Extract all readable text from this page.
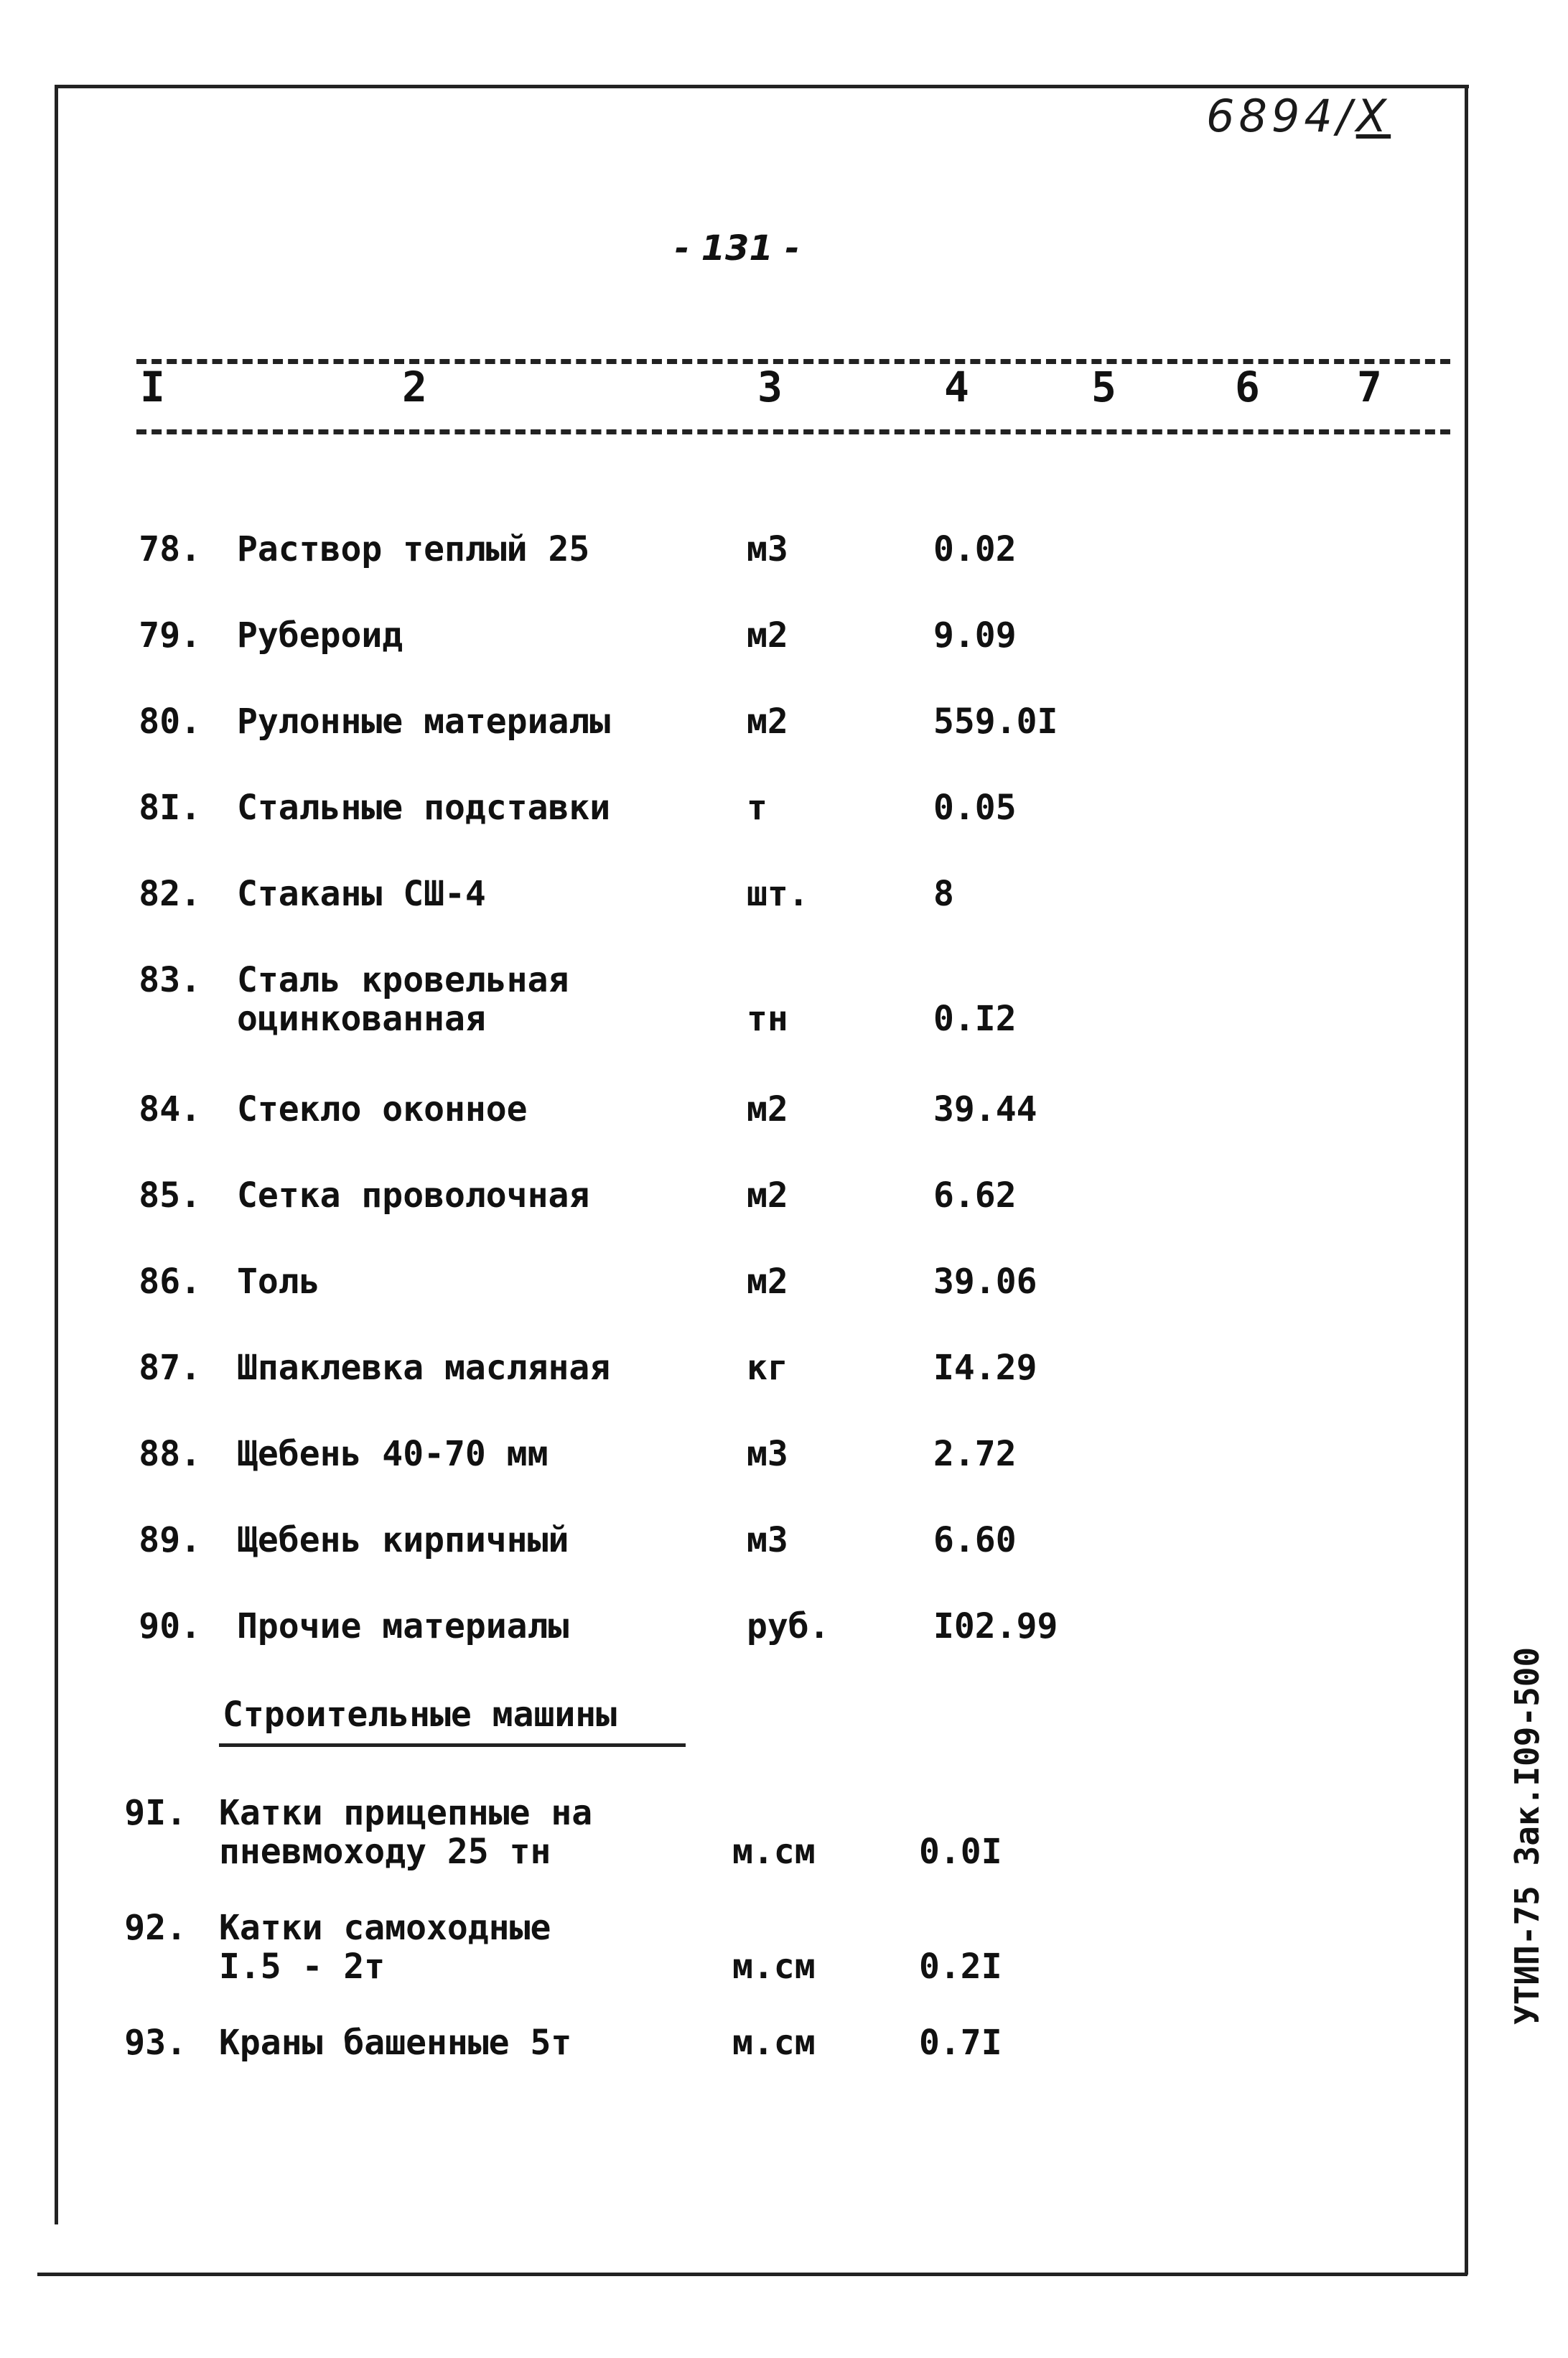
6894/X
- 131 -
I	2	3	4	5	6 7
78. Раствор теплый 25	м3	0.02
79. Рубероид	м2	9.09
80. Рулонные материалы	м2	559.0I
8I. Стальные подставки	т	0.05
82. Стаканы СШ-4	шт.	8
83. Сталь кровельная
оцинкованная	тн	0.I2
84. Стекло оконное	м2	39.44
85. Сетка проволочная	м2	6.62
86. Толь	м2	39.06
87. Шпаклевка масляная	кг	I4.29
88. Щебень 40-70 мм	м3	2.72
89. Щебень кирпичный	м3	6.60
90. Прочие материалы	руб.	I02.99
9I. Катки прицепные на
пневмоходу 25 тн	м.см	0.0I
92. Катки самоходные
I.5 - 2т	м.см	0.2I
93. Краны башенные 5т	м.см	0.7I
Строительные машины	УТИП-75 Зак.I09-500
